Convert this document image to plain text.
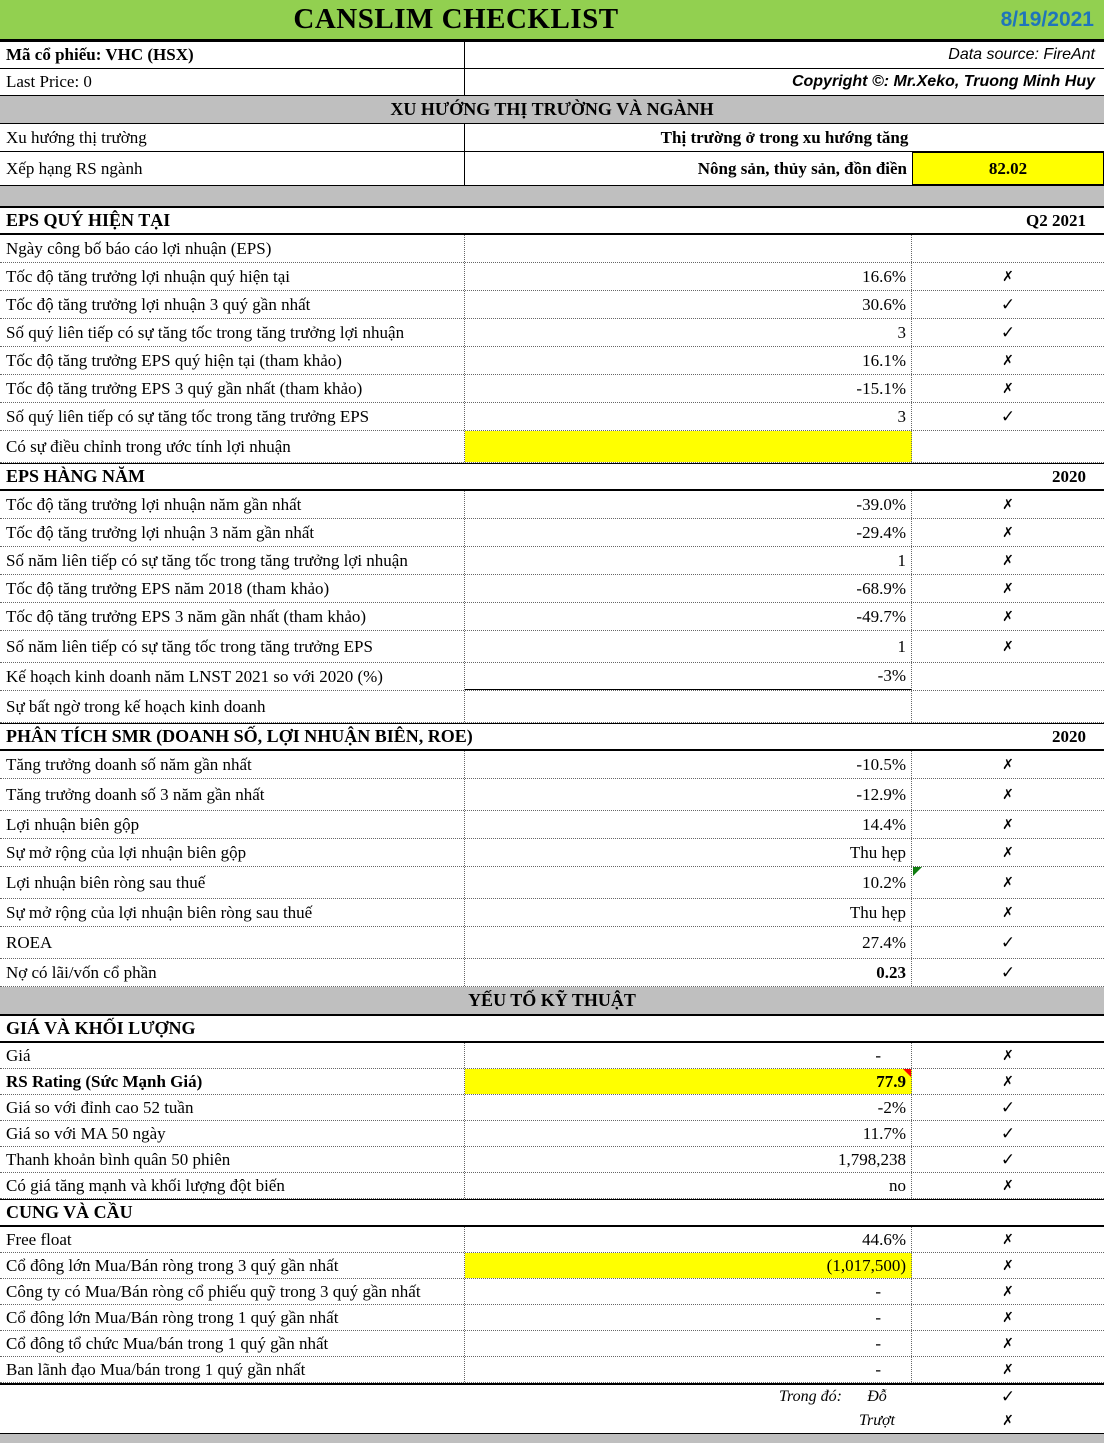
CANSLIM CHECKLIST	8/19/2021
Mã cổ phiếu: VHC (HSX)	Data source: FireAnt
Last Price: 0	Copyright ©: Mr.Xeko, Truong Minh Huy
XU HƯỚNG THỊ TRƯỜNG VÀ NGÀNH
Xu hướng thị trường	Thị trường ở trong xu hướng tăng
Xếp hạng RS ngành	Nông sản, thủy sản, đồn điền	82.02
EPS QUÝ HIỆN TẠI	Q2 2021
Ngày công bố báo cáo lợi nhuận (EPS)
Tốc độ tăng trưởng lợi nhuận quý hiện tại	16.6%	✗
Tốc độ tăng trưởng lợi nhuận 3 quý gần nhất	30.6%	✓
Số quý liên tiếp có sự tăng tốc trong tăng trưởng lợi nhuận	3	✓
Tốc độ tăng trưởng EPS quý hiện tại (tham khảo)	16.1%	✗
Tốc độ tăng trưởng EPS 3 quý gần nhất (tham khảo)	-15.1%	✗
Số quý liên tiếp có sự tăng tốc trong tăng trưởng EPS	3	✓
Có sự điều chỉnh trong ước tính lợi nhuận
EPS HÀNG NĂM	2020
Tốc độ tăng trưởng lợi nhuận năm gần nhất	-39.0%	✗
Tốc độ tăng trưởng lợi nhuận 3 năm gần nhất	-29.4%	✗
Số năm liên tiếp có sự tăng tốc trong tăng trưởng lợi nhuận	1	✗
Tốc độ tăng trưởng EPS năm 2018 (tham khảo)	-68.9%	✗
Tốc độ tăng trưởng EPS 3 năm gần nhất (tham khảo)	-49.7%	✗
Số năm liên tiếp có sự tăng tốc trong tăng trưởng EPS	1	✗
Kế hoạch kinh doanh năm LNST 2021 so với 2020 (%)	-3%
Sự bất ngờ trong kế hoạch kinh doanh
PHÂN TÍCH SMR (DOANH SỐ, LỢI NHUẬN BIÊN, ROE)	2020
Tăng trưởng doanh số năm gần nhất	-10.5%	✗
Tăng trưởng doanh số 3 năm gần nhất	-12.9%	✗
Lợi nhuận biên gộp	14.4%	✗
Sự mở rộng của lợi nhuận biên gộp	Thu hẹp	✗
Lợi nhuận biên ròng sau thuế	10.2%	✗
Sự mở rộng của lợi nhuận biên ròng sau thuế	Thu hẹp	✗
ROEA	27.4%	✓
Nợ có lãi/vốn cổ phần	0.23	✓
YẾU TỐ KỸ THUẬT
GIÁ VÀ KHỐI LƯỢNG
Giá	-	✗
RS Rating (Sức Mạnh Giá)	77.9	✗
Giá so với đỉnh cao 52 tuần	-2%	✓
Giá so với MA 50 ngày	11.7%	✓
Thanh khoản bình quân 50 phiên	1,798,238	✓
Có giá tăng mạnh và khối lượng đột biến	no	✗
CUNG VÀ CẦU
Free float	44.6%	✗
Cổ đông lớn Mua/Bán ròng trong 3 quý gần nhất	(1,017,500)	✗
Công ty có Mua/Bán ròng cổ phiếu quỹ trong 3 quý gần nhất	-	✗
Cổ đông lớn Mua/Bán ròng trong 1 quý gần nhất	-	✗
Cổ đông tổ chức Mua/bán trong 1 quý gần nhất	-	✗
Ban lãnh đạo Mua/bán trong 1 quý gần nhất	-	✗
Trong đó:	Đỗ	✓
Trượt	✗
